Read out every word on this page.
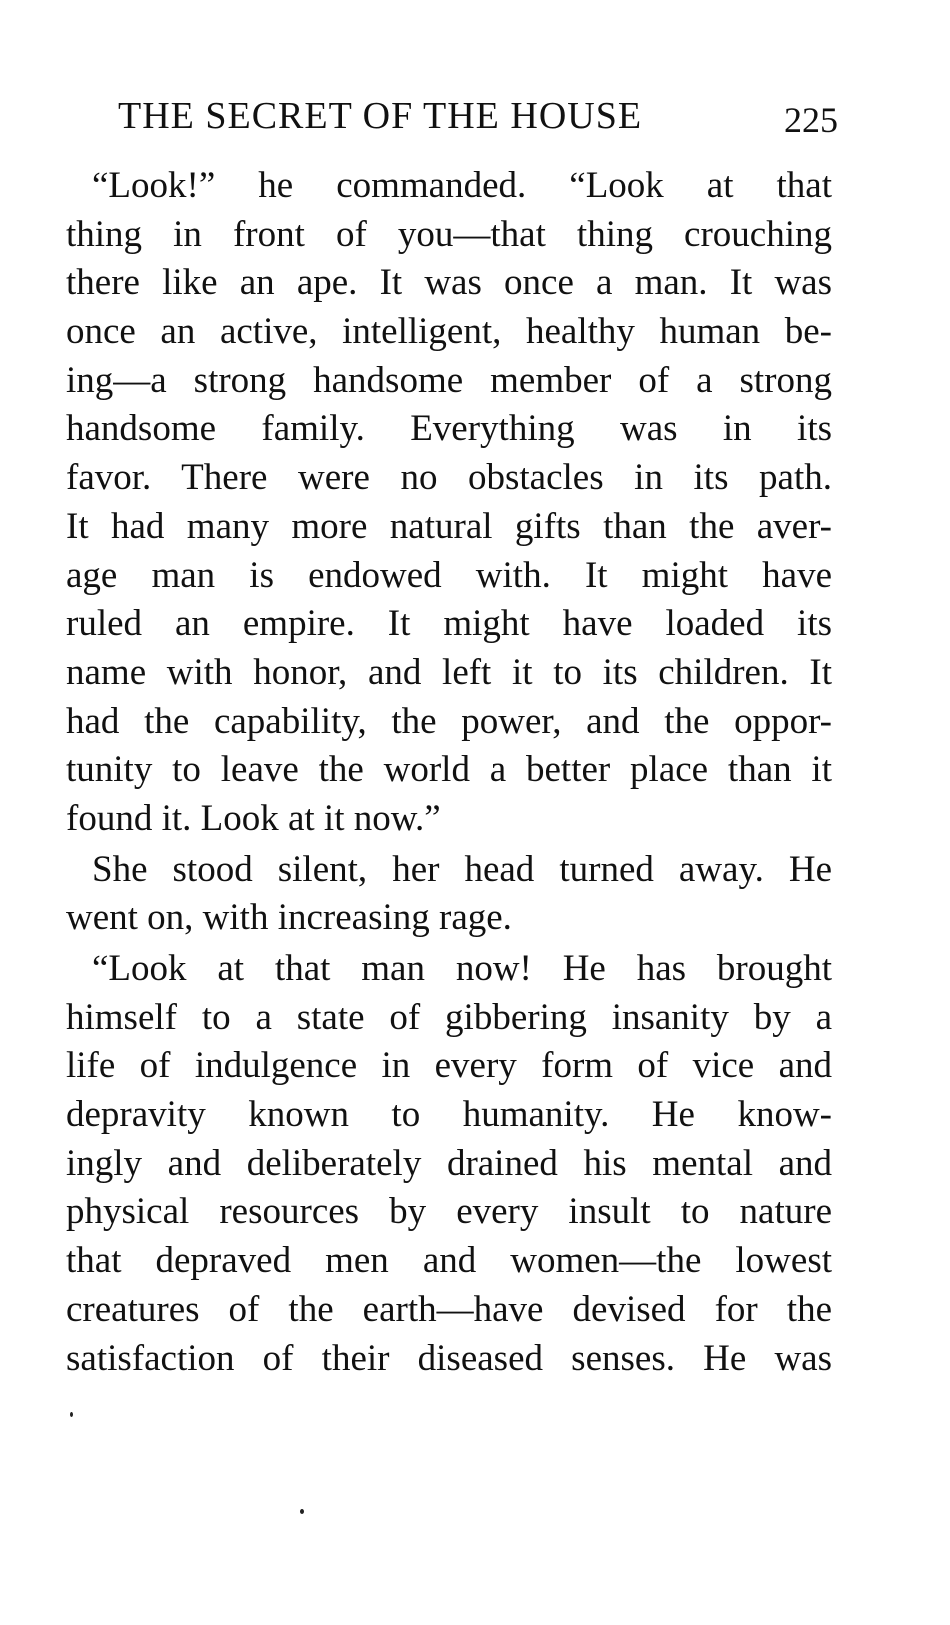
THE SECRET OF THE HOUSE	225
“Look!” he commanded. “Look at that
thing in front of you—that thing crouching
there like an ape. It was once a man. It was
once an active, intelligent, healthy human be-
ing—a strong handsome member of a strong
handsome family. Everything was in its
favor. There were no obstacles in its path.
It had many more natural gifts than the aver-
age man is endowed with. It might have
ruled an empire. It might have loaded its
name with honor, and left it to its children. It
had the capability, the power, and the oppor-
tunity to leave the world a better place than it
found it. Look at it now.”
She stood silent, her head turned away. He
went on, with increasing rage.
“Look at that man now! He has brought
himself to a state of gibbering insanity by a
life of indulgence in every form of vice and
depravity known to humanity. He know-
ingly and deliberately drained his mental and
physical resources by every insult to nature
that depraved men and women—the lowest
creatures of the earth—have devised for the
satisfaction of their diseased senses. He was
